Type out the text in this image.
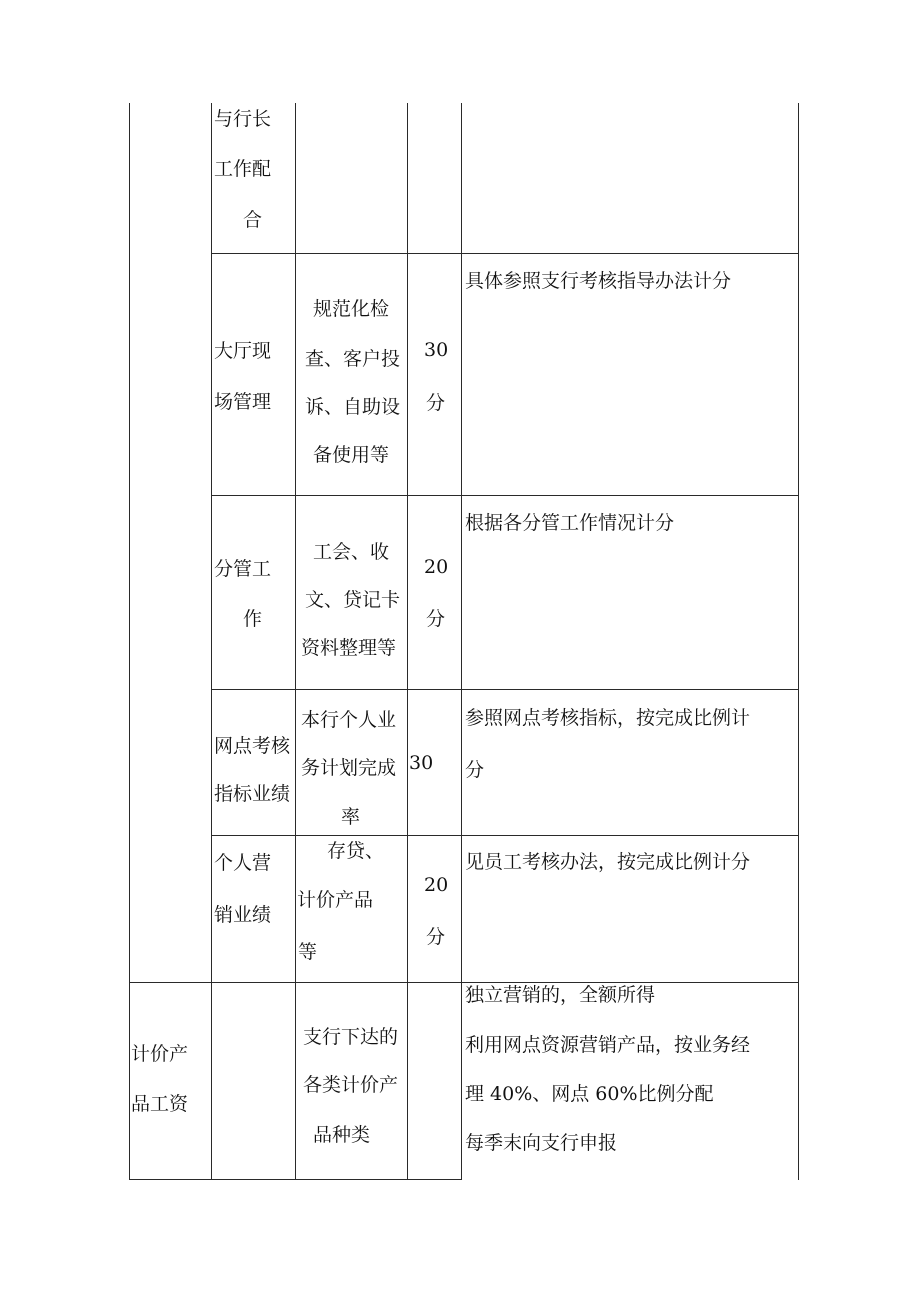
与行长
工作配
合
大厅现
场管理
规范化检
查、客户投
诉、自助设
备使用等
30
分
具体参照支行考核指导办法计分
分管工
作
工会、收
文、贷记卡
资料整理等
20
分
根据各分管工作情况计分
网点考核
指标业绩
本行个人业
务计划完成
率
30
参照网点考核指标，按完成比例计
分
个人营
销业绩
存贷、
计价产品
等
20
分
见员工考核办法，按完成比例计分
计价产
品工资
支行下达的
各类计价产
品种类
独立营销的，全额所得
利用网点资源营销产品，按业务经
理 40%、网点 60%比例分配
每季末向支行申报
